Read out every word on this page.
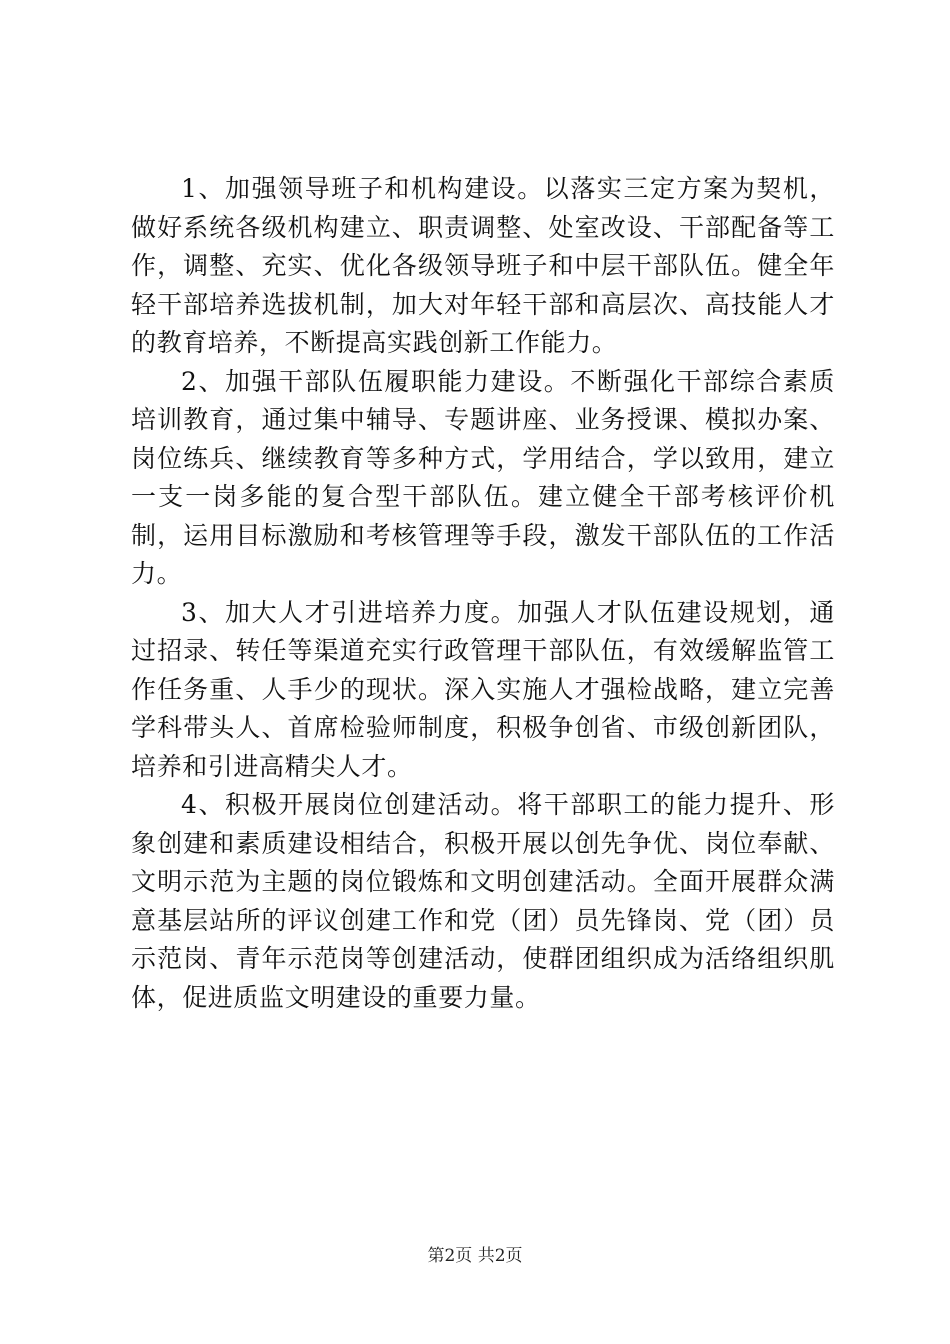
1、加强领导班子和机构建设。以落实三定方案为契机，做好系统各级机构建立、职责调整、处室改设、干部配备等工作，调整、充实、优化各级领导班子和中层干部队伍。健全年轻干部培养选拔机制，加大对年轻干部和高层次、高技能人才的教育培养，不断提高实践创新工作能力。

2、加强干部队伍履职能力建设。不断强化干部综合素质培训教育，通过集中辅导、专题讲座、业务授课、模拟办案、岗位练兵、继续教育等多种方式，学用结合，学以致用，建立一支一岗多能的复合型干部队伍。建立健全干部考核评价机制，运用目标激励和考核管理等手段，激发干部队伍的工作活力。

3、加大人才引进培养力度。加强人才队伍建设规划，通过招录、转任等渠道充实行政管理干部队伍，有效缓解监管工作任务重、人手少的现状。深入实施人才强检战略，建立完善学科带头人、首席检验师制度，积极争创省、市级创新团队，培养和引进高精尖人才。

4、积极开展岗位创建活动。将干部职工的能力提升、形象创建和素质建设相结合，积极开展以创先争优、岗位奉献、文明示范为主题的岗位锻炼和文明创建活动。全面开展群众满意基层站所的评议创建工作和党（团）员先锋岗、党（团）员示范岗、青年示范岗等创建活动，使群团组织成为活络组织肌体，促进质监文明建设的重要力量。

第2页 共2页
